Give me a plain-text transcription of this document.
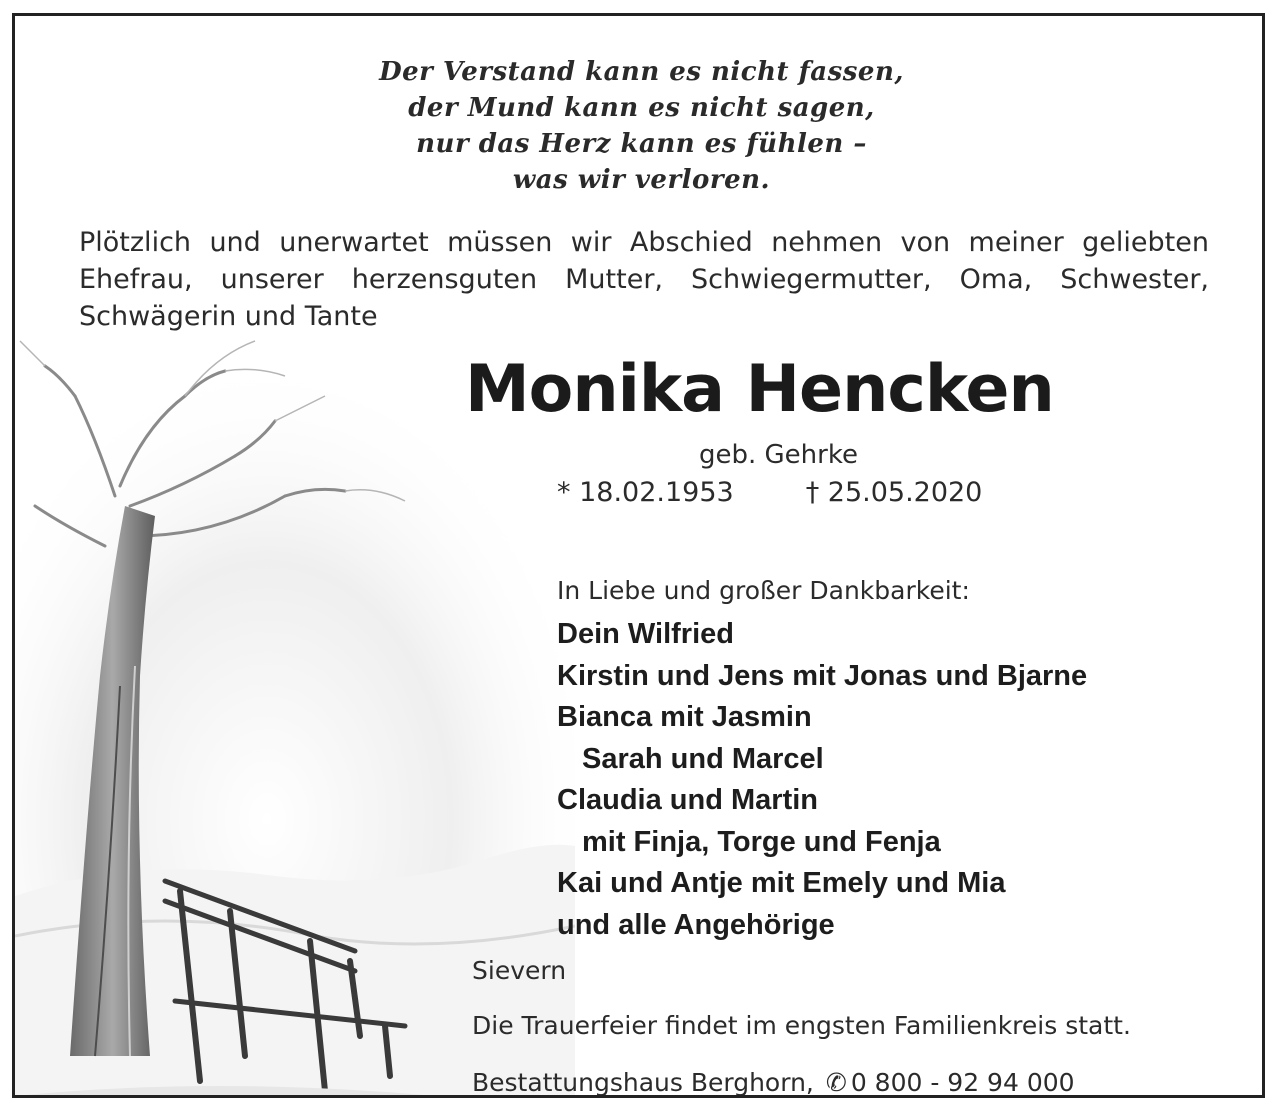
Der Verstand kann es nicht fassen,
der Mund kann es nicht sagen,
nur das Herz kann es fühlen –
was wir verloren.
Plötzlich und unerwartet müssen wir Abschied nehmen von meiner geliebten Ehefrau, unserer herzensguten Mutter, Schwiegermutter, Oma, Schwester, Schwägerin und Tante
Monika Hencken
geb. Gehrke
* 18.02.1953	† 25.05.2020
In Liebe und großer Dankbarkeit:
Dein Wilfried
Kirstin und Jens mit Jonas und Bjarne
Bianca mit Jasmin
Sarah und Marcel
Claudia und Martin
mit Finja, Torge und Fenja
Kai und Antje mit Emely und Mia
und alle Angehörige
Sievern
Die Trauerfeier findet im engsten Familienkreis statt.
Bestattungshaus Berghorn, ✆ 0 800 - 92 94 000
